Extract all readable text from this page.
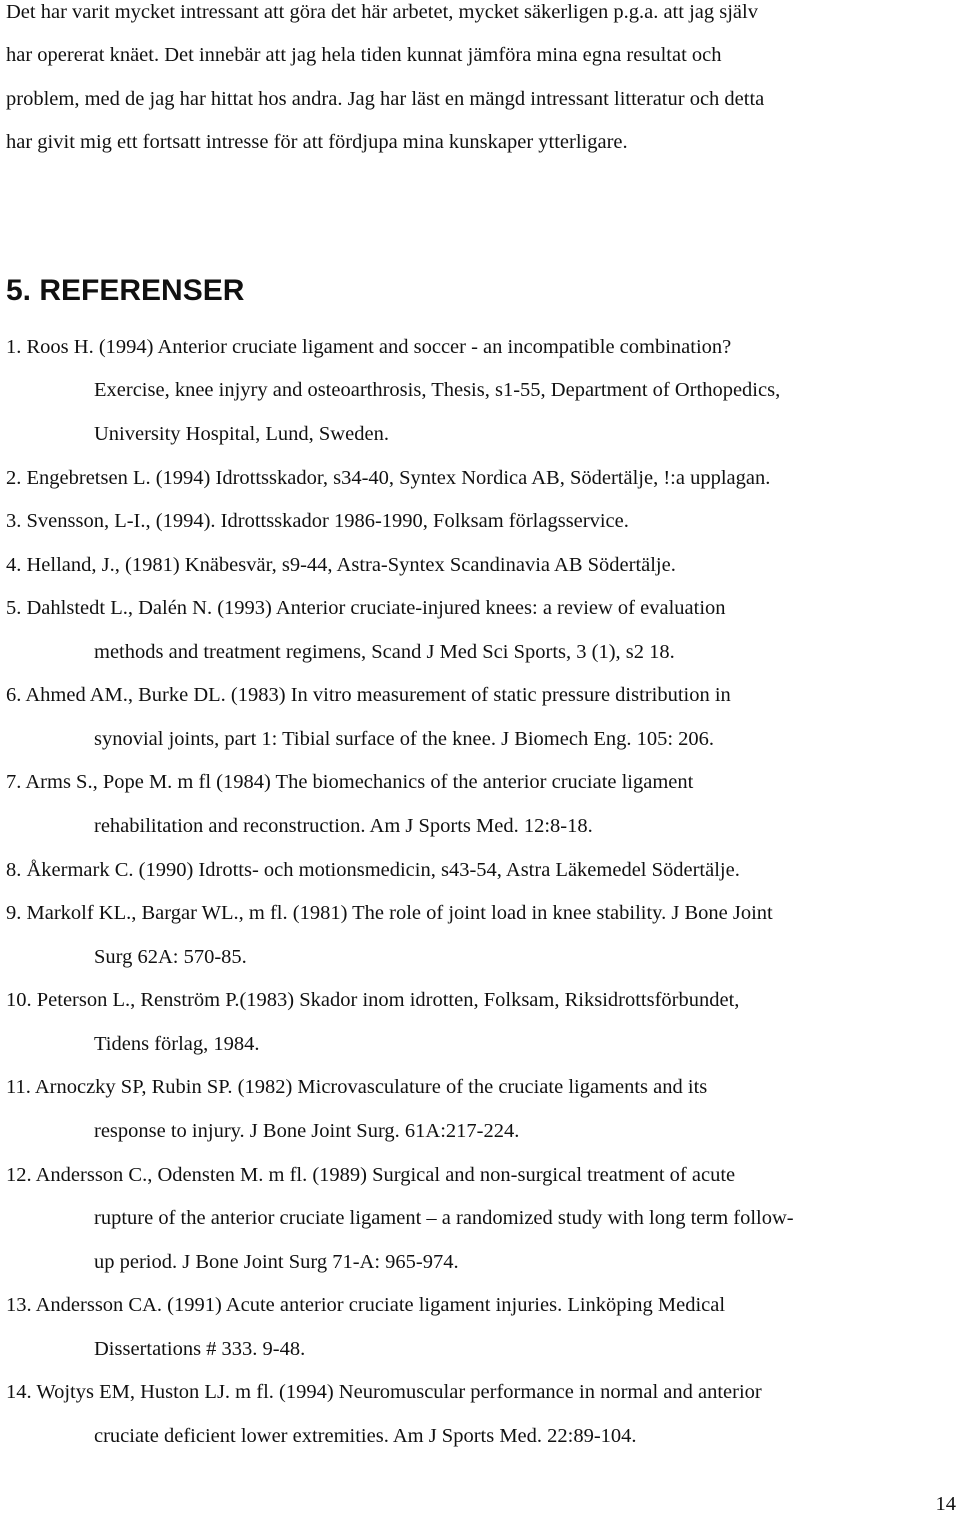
Det har varit mycket intressant att göra det här arbetet, mycket säkerligen p.g.a. att jag själv
har opererat knäet. Det innebär att jag hela tiden kunnat jämföra mina egna resultat och
problem, med de jag har hittat hos andra. Jag har läst en mängd intressant litteratur och detta
har givit mig ett fortsatt intresse för att fördjupa mina kunskaper ytterligare.
5. REFERENSER
1. Roos H. (1994) Anterior cruciate ligament and soccer - an incompatible combination?
Exercise, knee injyry and osteoarthrosis, Thesis, s1-55, Department of Orthopedics,
University Hospital, Lund, Sweden.
2. Engebretsen L. (1994) Idrottsskador, s34-40, Syntex Nordica AB, Södertälje, !:a upplagan.
3. Svensson, L-I., (1994). Idrottsskador 1986-1990, Folksam förlagsservice.
4. Helland, J., (1981) Knäbesvär, s9-44, Astra-Syntex Scandinavia AB Södertälje.
5. Dahlstedt L., Dalén N. (1993) Anterior cruciate-injured knees: a review of evaluation
methods and treatment regimens, Scand J Med Sci Sports, 3 (1), s2 18.
6. Ahmed AM., Burke DL. (1983) In vitro measurement of static pressure distribution in
synovial joints, part 1: Tibial surface of the knee. J Biomech Eng. 105: 206.
7. Arms S., Pope M. m fl (1984) The biomechanics of the anterior cruciate ligament
rehabilitation and reconstruction. Am J Sports Med. 12:8-18.
8. Åkermark C. (1990) Idrotts- och motionsmedicin, s43-54, Astra Läkemedel Södertälje.
9. Markolf KL., Bargar WL., m fl. (1981) The role of joint load in knee stability. J Bone Joint
Surg 62A: 570-85.
10. Peterson L., Renström P.(1983) Skador inom idrotten, Folksam, Riksidrottsförbundet,
Tidens förlag, 1984.
11. Arnoczky SP, Rubin SP. (1982) Microvasculature of the cruciate ligaments and its
response to injury. J Bone Joint Surg. 61A:217-224.
12. Andersson C., Odensten M. m fl. (1989) Surgical and non-surgical treatment of acute
rupture of the anterior cruciate ligament – a randomized study with long term follow-
up period. J Bone Joint Surg 71-A: 965-974.
13. Andersson CA. (1991) Acute anterior cruciate ligament injuries. Linköping Medical
Dissertations # 333. 9-48.
14. Wojtys EM, Huston LJ. m fl. (1994) Neuromuscular performance in normal and anterior
cruciate deficient lower extremities. Am J Sports Med. 22:89-104.
14
